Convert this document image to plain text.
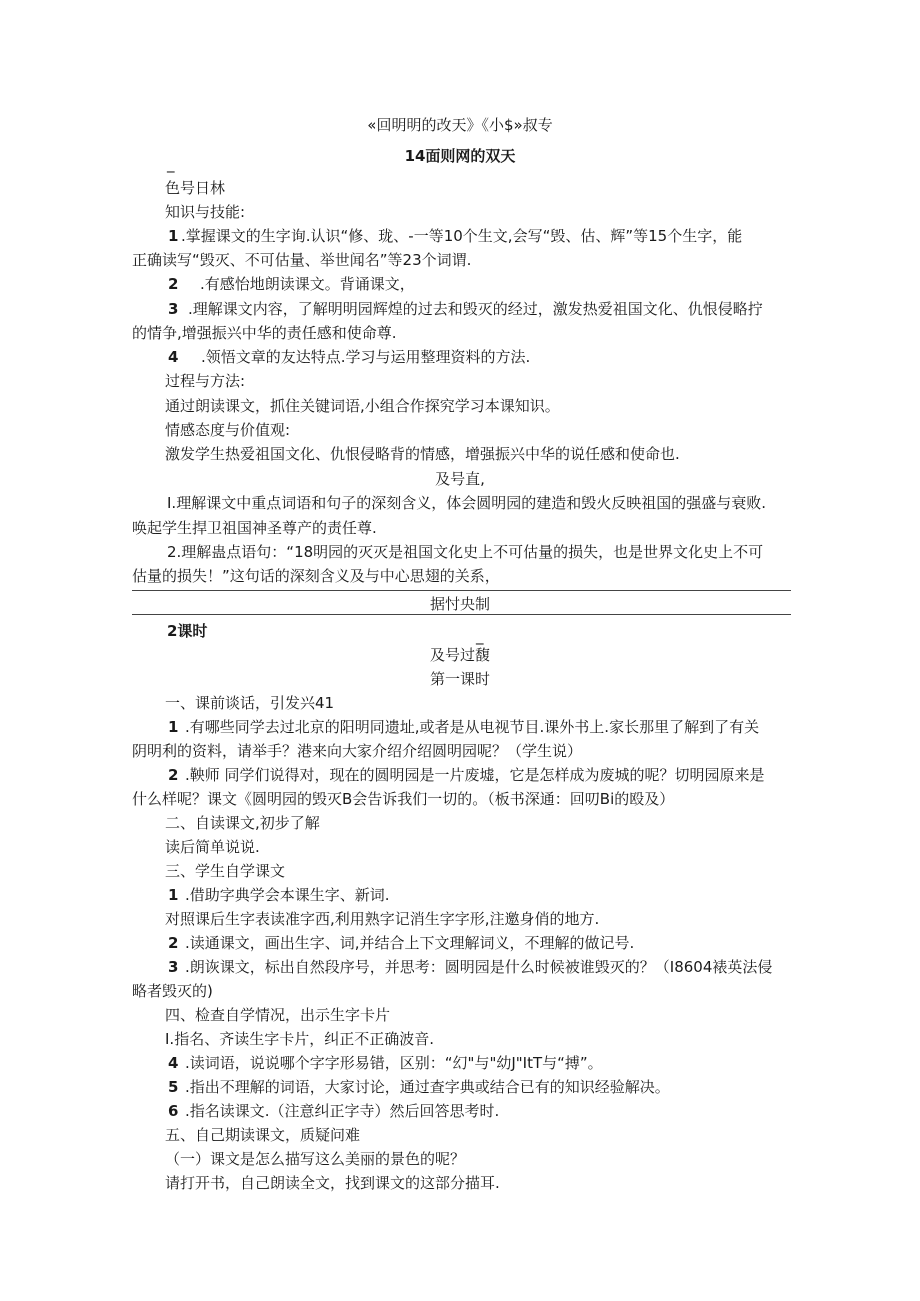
«回明明的改天》《小$»叔专
14面则网的双天
_
色号日林
知识与技能:
1 .掌握课文的生字询.认识“修、珑、-一等10个生文,会写“毁、估、辉”等15个生字，能
正确读写“毁灭、不可估量、举世闻名”等23个词谓.
2 .有感怡地朗读课文。背诵课文，
3 .理解课文内容，了解明明园辉煌的过去和毁灭的经过，激发热爱祖国文化、仇恨侵略拧
的情争,增强振兴中华的责任感和使命尊.
4 .领悟文章的友达特点.学习与运用整理资料的方法.
过程与方法:
通过朗读课文，抓住关键词语,小组合作探究学习本课知识。
情感态度与价值观:
激发学生热爱祖国文化、仇恨侵略背的情感，增强振兴中华的说任感和使命也.
及号直,
I.理解课文中重点词语和句子的深刻含义，体会圆明园的建造和毁火反映祖国的强盛与衰败.
唤起学生捍卫祖国神圣尊产的责任尊.
2.理解蛊点语句：“18明园的灭灭是祖国文化史上不可估量的损失，也是世界文化史上不可
估量的损失！”这句话的深刻含义及与中心思翅的关系，
据忖央制
2课时	_
及号过馥
第一课时
一、课前谈话，引发兴41
1 .有哪些同学去过北京的阳明同遗址,或者是从电视节目.课外书上.家长那里了解到了有关
阴明利的资料，请举手？港来向大家介绍介绍圆明园呢？（学生说）
2 .鞅师 同学们说得对，现在的圆明园是一片废墟，它是怎样成为废城的呢？切明园原来是
什么样呢？课文《圆明园的毁灭B会告诉我们一切的。（板书深通：回叨Bi的殴及）
二、自读课文,初步了解
读后简单说说.
三、学生自学课文
1 .借助字典学会本课生字、新词.
对照课后生字表读准字西,利用熟字记消生字字形,注邀身俏的地方.
2 .读通课文，画出生字、词,并结合上下文理解词义，不理解的做记号.
3 .朗诙课文，标出自然段序号，并思考：圆明园是什么时候被谁毁灭的？（I8604裱英法侵
略者毁灭的)
四、检查自学情况，出示生字卡片
I.指名、齐读生字卡片，纠正不正确波音.
4 .读词语，说说哪个字字形易错，区别：“幻"与"幼J"ItT与“搏”。
5 .指出不理解的词语，大家讨论，通过查字典或结合已有的知识经验解决。
6 .指名读课文.（注意纠正字寺）然后回答思考时.
五、自己期读课文，质疑问难
（一）课文是怎么描写这么美丽的景色的呢？
请打开书，自己朗读全文，找到课文的这部分描耳.
